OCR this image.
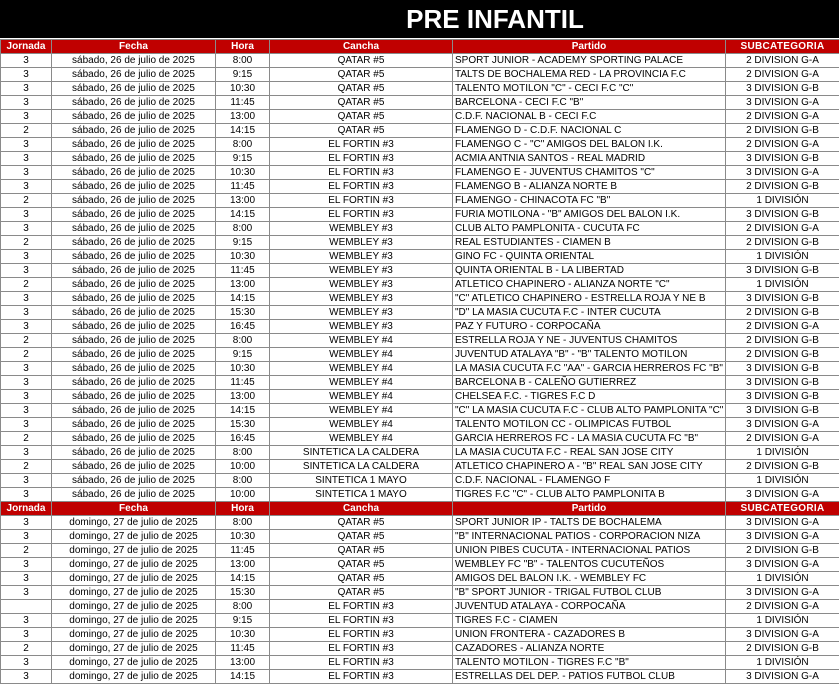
PRE INFANTIL
Jornada	Fecha	Hora	Cancha	Partido	SUBCATEGORIA
3	sábado, 26 de julio de 2025	8:00	QATAR #5	SPORT JUNIOR - ACADEMY SPORTING PALACE	2 DIVISION G-A
3	sábado, 26 de julio de 2025	9:15	QATAR #5	TALTS DE BOCHALEMA RED - LA PROVINCIA F.C	2 DIVISION G-A
3	sábado, 26 de julio de 2025	10:30	QATAR #5	TALENTO MOTILON "C" - CECI F.C "C"	3 DIVISION G-B
3	sábado, 26 de julio de 2025	11:45	QATAR #5	BARCELONA - CECI F.C "B"	3 DIVISION G-A
3	sábado, 26 de julio de 2025	13:00	QATAR #5	C.D.F. NACIONAL B - CECI F.C	2 DIVISION G-A
2	sábado, 26 de julio de 2025	14:15	QATAR #5	FLAMENGO D - C.D.F. NACIONAL C	2 DIVISION G-B
3	sábado, 26 de julio de 2025	8:00	EL FORTIN #3	FLAMENGO C - "C" AMIGOS DEL BALON I.K.	2 DIVISION G-A
3	sábado, 26 de julio de 2025	9:15	EL FORTIN #3	ACMIA ANTNIA SANTOS - REAL MADRID	3 DIVISION G-B
3	sábado, 26 de julio de 2025	10:30	EL FORTIN #3	FLAMENGO E - JUVENTUS CHAMITOS "C"	3 DIVISION G-A
3	sábado, 26 de julio de 2025	11:45	EL FORTIN #3	FLAMENGO B - ALIANZA NORTE B	2 DIVISION G-B
2	sábado, 26 de julio de 2025	13:00	EL FORTIN #3	FLAMENGO - CHINACOTA FC "B"	1 DIVISIÓN
3	sábado, 26 de julio de 2025	14:15	EL FORTIN #3	FURIA MOTILONA - "B" AMIGOS DEL BALON I.K.	3 DIVISION G-B
3	sábado, 26 de julio de 2025	8:00	WEMBLEY #3	CLUB ALTO PAMPLONITA - CUCUTA FC	2 DIVISION G-A
2	sábado, 26 de julio de 2025	9:15	WEMBLEY #3	REAL ESTUDIANTES - CIAMEN B	2 DIVISION G-B
3	sábado, 26 de julio de 2025	10:30	WEMBLEY #3	GINO FC - QUINTA ORIENTAL	1 DIVISIÓN
3	sábado, 26 de julio de 2025	11:45	WEMBLEY #3	QUINTA ORIENTAL B - LA LIBERTAD	3 DIVISION G-B
2	sábado, 26 de julio de 2025	13:00	WEMBLEY #3	ATLETICO CHAPINERO - ALIANZA NORTE "C"	1 DIVISIÓN
3	sábado, 26 de julio de 2025	14:15	WEMBLEY #3	"C" ATLETICO CHAPINERO - ESTRELLA ROJA Y NE B	3 DIVISION G-B
3	sábado, 26 de julio de 2025	15:30	WEMBLEY #3	"D" LA MASIA CUCUTA F.C - INTER CUCUTA	2 DIVISION G-B
3	sábado, 26 de julio de 2025	16:45	WEMBLEY #3	PAZ Y FUTURO - CORPOCAÑA	2 DIVISION G-A
2	sábado, 26 de julio de 2025	8:00	WEMBLEY #4	ESTRELLA ROJA Y NE - JUVENTUS CHAMITOS	2 DIVISION G-B
2	sábado, 26 de julio de 2025	9:15	WEMBLEY #4	JUVENTUD ATALAYA "B" - "B" TALENTO MOTILON	2 DIVISION G-B
3	sábado, 26 de julio de 2025	10:30	WEMBLEY #4	LA MASIA CUCUTA F.C "AA" - GARCIA HERREROS FC "B"	3 DIVISION G-B
3	sábado, 26 de julio de 2025	11:45	WEMBLEY #4	BARCELONA B - CALEÑO GUTIERREZ	3 DIVISION G-B
3	sábado, 26 de julio de 2025	13:00	WEMBLEY #4	CHELSEA F.C. - TIGRES F.C D	3 DIVISION G-B
3	sábado, 26 de julio de 2025	14:15	WEMBLEY #4	"C" LA MASIA CUCUTA F.C - CLUB ALTO PAMPLONITA "C"	3 DIVISION G-B
3	sábado, 26 de julio de 2025	15:30	WEMBLEY #4	TALENTO MOTILON CC - OLIMPICAS FUTBOL	3 DIVISION G-A
2	sábado, 26 de julio de 2025	16:45	WEMBLEY #4	GARCIA HERREROS FC - LA MASIA CUCUTA FC "B"	2 DIVISION G-A
3	sábado, 26 de julio de 2025	8:00	SINTETICA LA CALDERA	LA MASIA CUCUTA F.C - REAL SAN JOSE CITY	1 DIVISIÓN
2	sábado, 26 de julio de 2025	10:00	SINTETICA LA CALDERA	ATLETICO CHAPINERO A - "B" REAL SAN JOSE CITY	2 DIVISION G-B
3	sábado, 26 de julio de 2025	8:00	SINTETICA 1 MAYO	C.D.F. NACIONAL - FLAMENGO F	1 DIVISIÓN
3	sábado, 26 de julio de 2025	10:00	SINTETICA 1 MAYO	TIGRES F.C "C" - CLUB ALTO PAMPLONITA B	3 DIVISION G-A
Jornada	Fecha	Hora	Cancha	Partido	SUBCATEGORIA
3	domingo, 27 de julio de 2025	8:00	QATAR #5	SPORT JUNIOR IP - TALTS DE BOCHALEMA	3 DIVISION G-A
3	domingo, 27 de julio de 2025	10:30	QATAR #5	"B" INTERNACIONAL PATIOS - CORPORACION NIZA	3 DIVISION G-A
2	domingo, 27 de julio de 2025	11:45	QATAR #5	UNION PIBES CUCUTA - INTERNACIONAL PATIOS	2 DIVISION G-B
3	domingo, 27 de julio de 2025	13:00	QATAR #5	WEMBLEY FC "B" - TALENTOS CUCUTEÑOS	3 DIVISION G-A
3	domingo, 27 de julio de 2025	14:15	QATAR #5	AMIGOS DEL BALON I.K. - WEMBLEY FC	1 DIVISIÓN
3	domingo, 27 de julio de 2025	15:30	QATAR #5	"B" SPORT JUNIOR - TRIGAL FUTBOL CLUB	3 DIVISION G-A
	domingo, 27 de julio de 2025	8:00	EL FORTIN #3	JUVENTUD ATALAYA - CORPOCAÑA	2 DIVISION G-A
3	domingo, 27 de julio de 2025	9:15	EL FORTIN #3	TIGRES F.C - CIAMEN	1 DIVISIÓN
3	domingo, 27 de julio de 2025	10:30	EL FORTIN #3	UNION FRONTERA - CAZADORES B	3 DIVISION G-A
2	domingo, 27 de julio de 2025	11:45	EL FORTIN #3	CAZADORES - ALIANZA NORTE	2 DIVISION G-B
3	domingo, 27 de julio de 2025	13:00	EL FORTIN #3	TALENTO MOTILON - TIGRES F.C "B"	1 DIVISIÓN
3	domingo, 27 de julio de 2025	14:15	EL FORTIN #3	ESTRELLAS DEL DEP. - PATIOS FUTBOL CLUB	3 DIVISION G-A
